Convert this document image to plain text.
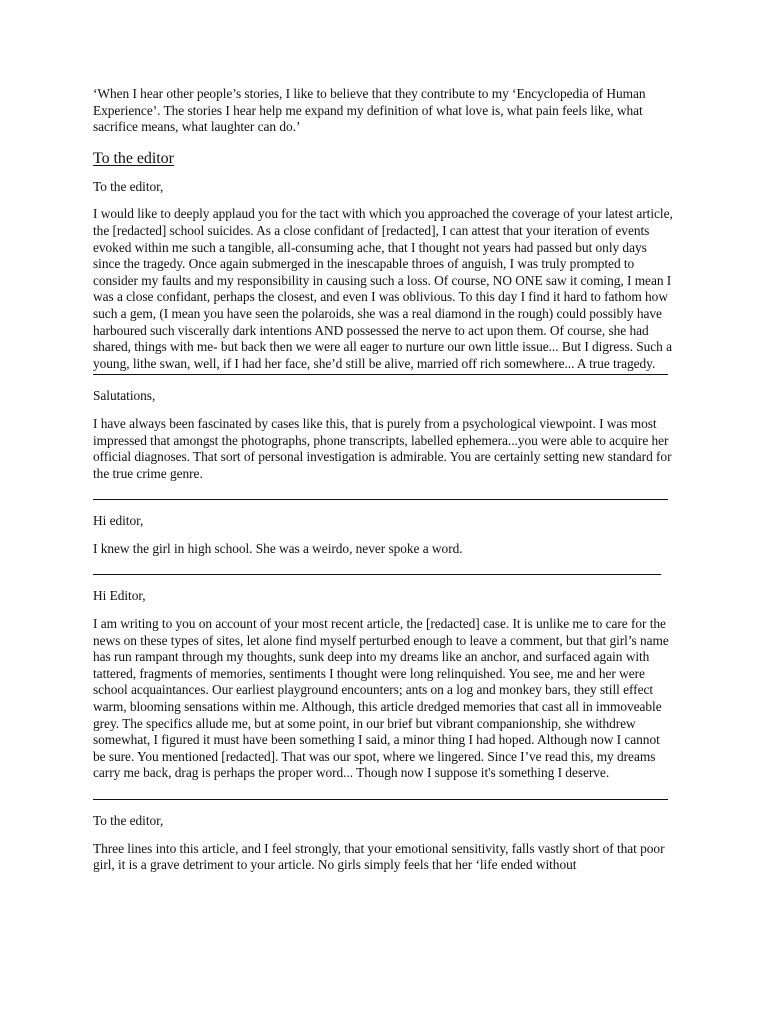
‘When I hear other people’s stories, I like to believe that they contribute to my ‘Encyclopedia of Human Experience’. The stories I hear help me expand my definition of what love is, what pain feels like, what sacrifice means, what laughter can do.’

To the editor

To the editor,

I would like to deeply applaud you for the tact with which you approached the coverage of your latest article, the [redacted] school suicides. As a close confidant of [redacted], I can attest that your iteration of events evoked within me such a tangible, all-consuming ache, that I thought not years had passed but only days since the tragedy. Once again submerged in the inescapable throes of anguish, I was truly prompted to consider my faults and my responsibility in causing such a loss. Of course, NO ONE saw it coming, I mean I was a close confidant, perhaps the closest, and even I was oblivious. To this day I find it hard to fathom how such a gem, (I mean you have seen the polaroids, she was a real diamond in the rough) could possibly have harboured such viscerally dark intentions AND possessed the nerve to act upon them. Of course, she had shared, things with me- but back then we were all eager to nurture our own little issue... But I digress. Such a young, lithe swan, well, if I had her face, she’d still be alive, married off rich somewhere... A true tragedy.

Salutations,

I have always been fascinated by cases like this, that is purely from a psychological viewpoint. I was most impressed that amongst the photographs, phone transcripts, labelled ephemera...you were able to acquire her official diagnoses. That sort of personal investigation is admirable. You are certainly setting new standard for the true crime genre.

Hi editor,

I knew the girl in high school. She was a weirdo, never spoke a word.

Hi Editor,

I am writing to you on account of your most recent article, the [redacted] case. It is unlike me to care for the news on these types of sites, let alone find myself perturbed enough to leave a comment, but that girl’s name has run rampant through my thoughts, sunk deep into my dreams like an anchor, and surfaced again with tattered, fragments of memories, sentiments I thought were long relinquished. You see, me and her were school acquaintances. Our earliest playground encounters; ants on a log and monkey bars, they still effect warm, blooming sensations within me. Although, this article dredged memories that cast all in immoveable grey. The specifics allude me, but at some point, in our brief but vibrant companionship, she withdrew somewhat, I figured it must have been something I said, a minor thing I had hoped. Although now I cannot be sure. You mentioned [redacted]. That was our spot, where we lingered. Since I’ve read this, my dreams carry me back, drag is perhaps the proper word... Though now I suppose it's something I deserve.

To the editor,

Three lines into this article, and I feel strongly, that your emotional sensitivity, falls vastly short of that poor girl, it is a grave detriment to your article. No girls simply feels that her ‘life ended without
